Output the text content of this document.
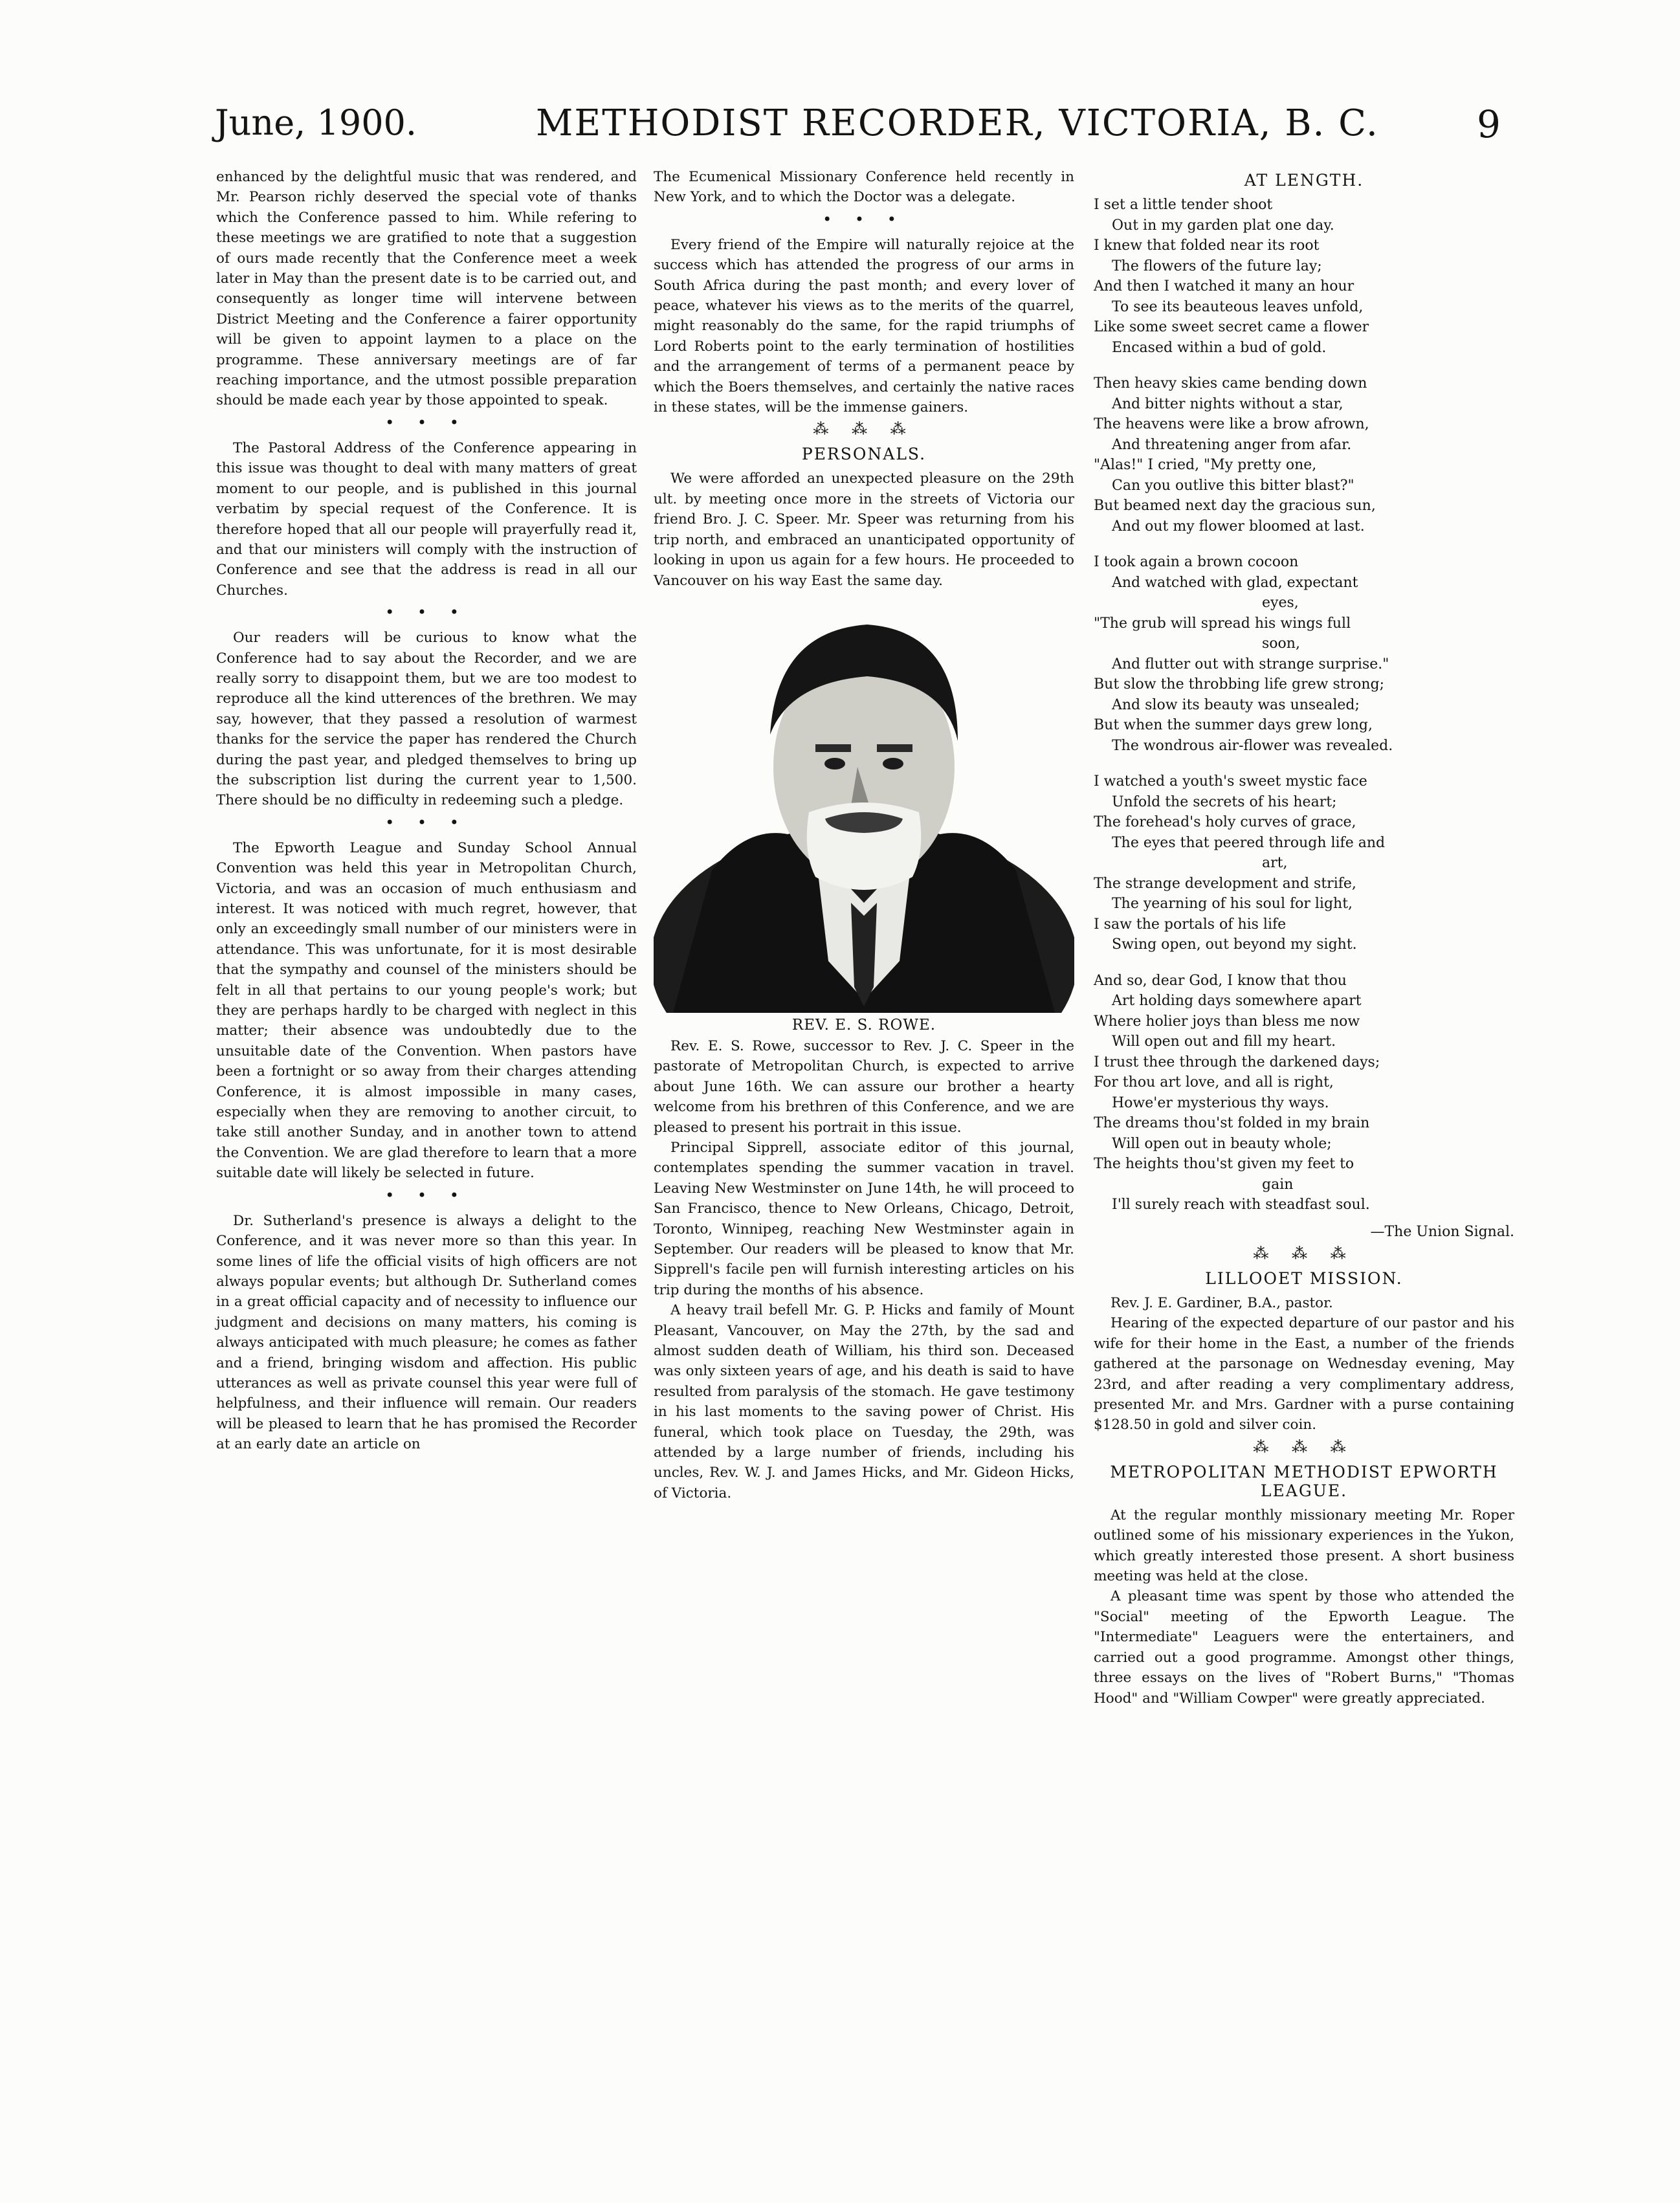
June, 1900.	METHODIST RECORDER, VICTORIA, B. C.	9

enhanced by the delightful music that was rendered, and Mr. Pearson richly deserved the special vote of thanks which the Conference passed to him. While refering to these meetings we are gratified to note that a suggestion of ours made recently that the Conference meet a week later in May than the present date is to be carried out, and consequently as longer time will intervene between District Meeting and the Conference a fairer opportunity will be given to appoint laymen to a place on the programme. These anniversary meetings are of far reaching importance, and the utmost possible preparation should be made each year by those appointed to speak.

• • •

The Pastoral Address of the Conference appearing in this issue was thought to deal with many matters of great moment to our people, and is published in this journal verbatim by special request of the Conference. It is therefore hoped that all our people will prayerfully read it, and that our ministers will comply with the instruction of Conference and see that the address is read in all our Churches.

• • •

Our readers will be curious to know what the Conference had to say about the Recorder, and we are really sorry to disappoint them, but we are too modest to reproduce all the kind utterences of the brethren. We may say, however, that they passed a resolution of warmest thanks for the service the paper has rendered the Church during the past year, and pledged themselves to bring up the subscription list during the current year to 1,500. There should be no difficulty in redeeming such a pledge.

• • •

The Epworth League and Sunday School Annual Convention was held this year in Metropolitan Church, Victoria, and was an occasion of much enthusiasm and interest. It was noticed with much regret, however, that only an exceedingly small number of our ministers were in attendance. This was unfortunate, for it is most desirable that the sympathy and counsel of the ministers should be felt in all that pertains to our young people's work; but they are perhaps hardly to be charged with neglect in this matter; their absence was undoubtedly due to the unsuitable date of the Convention. When pastors have been a fortnight or so away from their charges attending Conference, it is almost impossible in many cases, especially when they are removing to another circuit, to take still another Sunday, and in another town to attend the Convention. We are glad therefore to learn that a more suitable date will likely be selected in future.

• • •

Dr. Sutherland's presence is always a delight to the Conference, and it was never more so than this year. In some lines of life the official visits of high officers are not always popular events; but although Dr. Sutherland comes in a great official capacity and of necessity to influence our judgment and decisions on many matters, his coming is always anticipated with much pleasure; he comes as father and a friend, bringing wisdom and affection. His public utterances as well as private counsel this year were full of helpfulness, and their influence will remain. Our readers will be pleased to learn that he has promised the Recorder at an early date an article on

The Ecumenical Missionary Conference held recently in New York, and to which the Doctor was a delegate.

• • •

Every friend of the Empire will naturally rejoice at the success which has attended the progress of our arms in South Africa during the past month; and every lover of peace, whatever his views as to the merits of the quarrel, might reasonably do the same, for the rapid triumphs of Lord Roberts point to the early termination of hostilities and the arrangement of terms of a permanent peace by which the Boers themselves, and certainly the native races in these states, will be the immense gainers.

⁂ ⁂ ⁂
PERSONALS.

We were afforded an unexpected pleasure on the 29th ult. by meeting once more in the streets of Victoria our friend Bro. J. C. Speer. Mr. Speer was returning from his trip north, and embraced an unanticipated opportunity of looking in upon us again for a few hours. He proceeded to Vancouver on his way East the same day.

REV. E. S. ROWE.

Rev. E. S. Rowe, successor to Rev. J. C. Speer in the pastorate of Metropolitan Church, is expected to arrive about June 16th. We can assure our brother a hearty welcome from his brethren of this Conference, and we are pleased to present his portrait in this issue.

Principal Sipprell, associate editor of this journal, contemplates spending the summer vacation in travel. Leaving New Westminster on June 14th, he will proceed to San Francisco, thence to New Orleans, Chicago, Detroit, Toronto, Winnipeg, reaching New Westminster again in September. Our readers will be pleased to know that Mr. Sipprell's facile pen will furnish interesting articles on his trip during the months of his absence.

A heavy trail befell Mr. G. P. Hicks and family of Mount Pleasant, Vancouver, on May the 27th, by the sad and almost sudden death of William, his third son. Deceased was only sixteen years of age, and his death is said to have resulted from paralysis of the stomach. He gave testimony in his last moments to the saving power of Christ. His funeral, which took place on Tuesday, the 29th, was attended by a large number of friends, including his uncles, Rev. W. J. and James Hicks, and Mr. Gideon Hicks, of Victoria.

AT LENGTH.

I set a little tender shoot

Out in my garden plat one day.

I knew that folded near its root

The flowers of the future lay;

And then I watched it many an hour

To see its beauteous leaves unfold,

Like some sweet secret came a flower

Encased within a bud of gold.

Then heavy skies came bending down

And bitter nights without a star,

The heavens were like a brow afrown,

And threatening anger from afar.

"Alas!" I cried, "My pretty one,

Can you outlive this bitter blast?"

But beamed next day the gracious sun,

And out my flower bloomed at last.

I took again a brown cocoon

And watched with glad, expectant

eyes,

"The grub will spread his wings full

soon,

And flutter out with strange surprise."

But slow the throbbing life grew strong;

And slow its beauty was unsealed;

But when the summer days grew long,

The wondrous air-flower was revealed.

I watched a youth's sweet mystic face

Unfold the secrets of his heart;

The forehead's holy curves of grace,

The eyes that peered through life and

art,

The strange development and strife,

The yearning of his soul for light,

I saw the portals of his life

Swing open, out beyond my sight.

And so, dear God, I know that thou

Art holding days somewhere apart

Where holier joys than bless me now

Will open out and fill my heart.

I trust thee through the darkened days;

For thou art love, and all is right,

Howe'er mysterious thy ways.

The dreams thou'st folded in my brain

Will open out in beauty whole;

The heights thou'st given my feet to

gain

I'll surely reach with steadfast soul.

—The Union Signal.

⁂ ⁂ ⁂
LILLOOET MISSION.

Rev. J. E. Gardiner, B.A., pastor.

Hearing of the expected departure of our pastor and his wife for their home in the East, a number of the friends gathered at the parsonage on Wednesday evening, May 23rd, and after reading a very complimentary address, presented Mr. and Mrs. Gardner with a purse containing $128.50 in gold and silver coin.

⁂ ⁂ ⁂
METROPOLITAN METHODIST EPWORTH LEAGUE.

At the regular monthly missionary meeting Mr. Roper outlined some of his missionary experiences in the Yukon, which greatly interested those present. A short business meeting was held at the close.

A pleasant time was spent by those who attended the "Social" meeting of the Epworth League. The "Intermediate" Leaguers were the entertainers, and carried out a good programme. Amongst other things, three essays on the lives of "Robert Burns," "Thomas Hood" and "William Cowper" were greatly appreciated.
